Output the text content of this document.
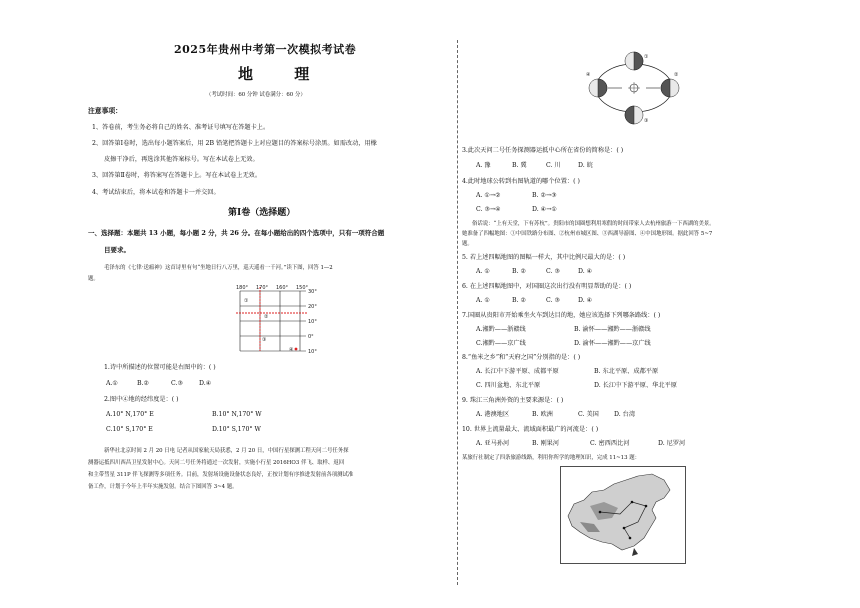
2025年贵州中考第一次模拟考试卷
地 理
（考试时间：60 分钟 试卷满分：60 分）
注意事项：
1、答卷前，考生务必将自己的姓名、准考证号填写在答题卡上。
2、回答第Ⅰ卷时，选出每小题答案后，用 2B 铅笔把答题卡上对应题目的答案标号涂黑。如需改动，用橡
皮擦干净后，再选涂其他答案标号。写在本试卷上无效。
3、回答第Ⅱ卷时，将答案写在答题卡上。写在本试卷上无效。
4、考试结束后，将本试卷和答题卡一并交回。
第Ⅰ卷（选择题）
一、选择题：本题共 13 小题，每小题 2 分，共 26 分。在每小题给出的四个选项中，只有一项符合题
目要求。
毛泽东的《七律·送瘟神》这首诗里有句“坐地日行八万里，巡天遥看一千河。”读下图，回答 1—2
题。
180° 170° 160° 150°
30°
20°
10°
0°
10°
①
②
③
④
1.诗中所描述的位置可能是右图中的：( )
A.①	B.②	C.③	D.④
2.图中④地的经纬度是：( )
A.10° N,170° E	B.10° N,170° W
C.10° S,170° E	D.10° S,170° W
新华社北京时间 2 月 20 日电 记者从国家航天局获悉，2 月 20 日，中国行星探测工程天问二号任务探
测器运抵四川西昌卫星发射中心。天问二号任务将通过一次发射，实施小行星 2016HO3 伴飞、取样、返回
和主带彗星 311P 伴飞探测等多项任务。目前，发射场设施设备状态良好，正按计划有序推进发射前各项测试准
备工作，计划于今年上半年实施发射。结合下图回答 3~4 题。
①
②
③
④
3.此次天问二号任务探测器运抵中心所在省份的简称是：( )
A. 豫	B. 冀	C. 川	D. 皖
4.此时地球公转到右图轨道的哪个位置：( )
A. ①→②	B. ②→③
C. ③→④	D. ④→①
俗话说：“上有天堂，下有苏杭”。贵阳市的国圈想利用寒假的时间带家人去杭州旅游一下西湖的美景。
她准备了四幅地图：①中国铁路分布图、②杭州市城区图、③西湖导游图、④中国地形图。据此回答 5~7
题。
5. 若上述四幅地图的图幅一样大，其中比例尺最大的是：( )
A. ①	B. ②	C. ③	D. ④
6. 在上述四幅地图中，对国圈这次出行没有明显帮助的是：( )
A. ①	B. ②	C. ③	D. ④
7.国圈从贵阳市开始乘坐火车到达目的地，她应该选择下列哪条路线：( )
A.湘黔——浙赣线	B. 渝怀——湘黔——浙赣线
C.湘黔——京广线	D. 渝怀——湘黔——京广线
8.“鱼米之乡”和“天府之国”分别指的是：( )
A. 长江中下游平原、成都平原	B. 东北平原、成都平原
C. 四川盆地、东北平原	D. 长江中下游平原、华北平原
9. 珠江三角洲外资的主要来源是：( )
A. 港澳地区	B. 欧洲	C. 美国 D. 台湾
10. 世界上流量最大、流域面积最广的河流是：( )
A. 亚马孙河	B. 刚果河	C. 密西西比河	D. 尼罗河
某旅行社制定了四条旅游线路，利用你所学的地理知识，完成 11~13 题：
